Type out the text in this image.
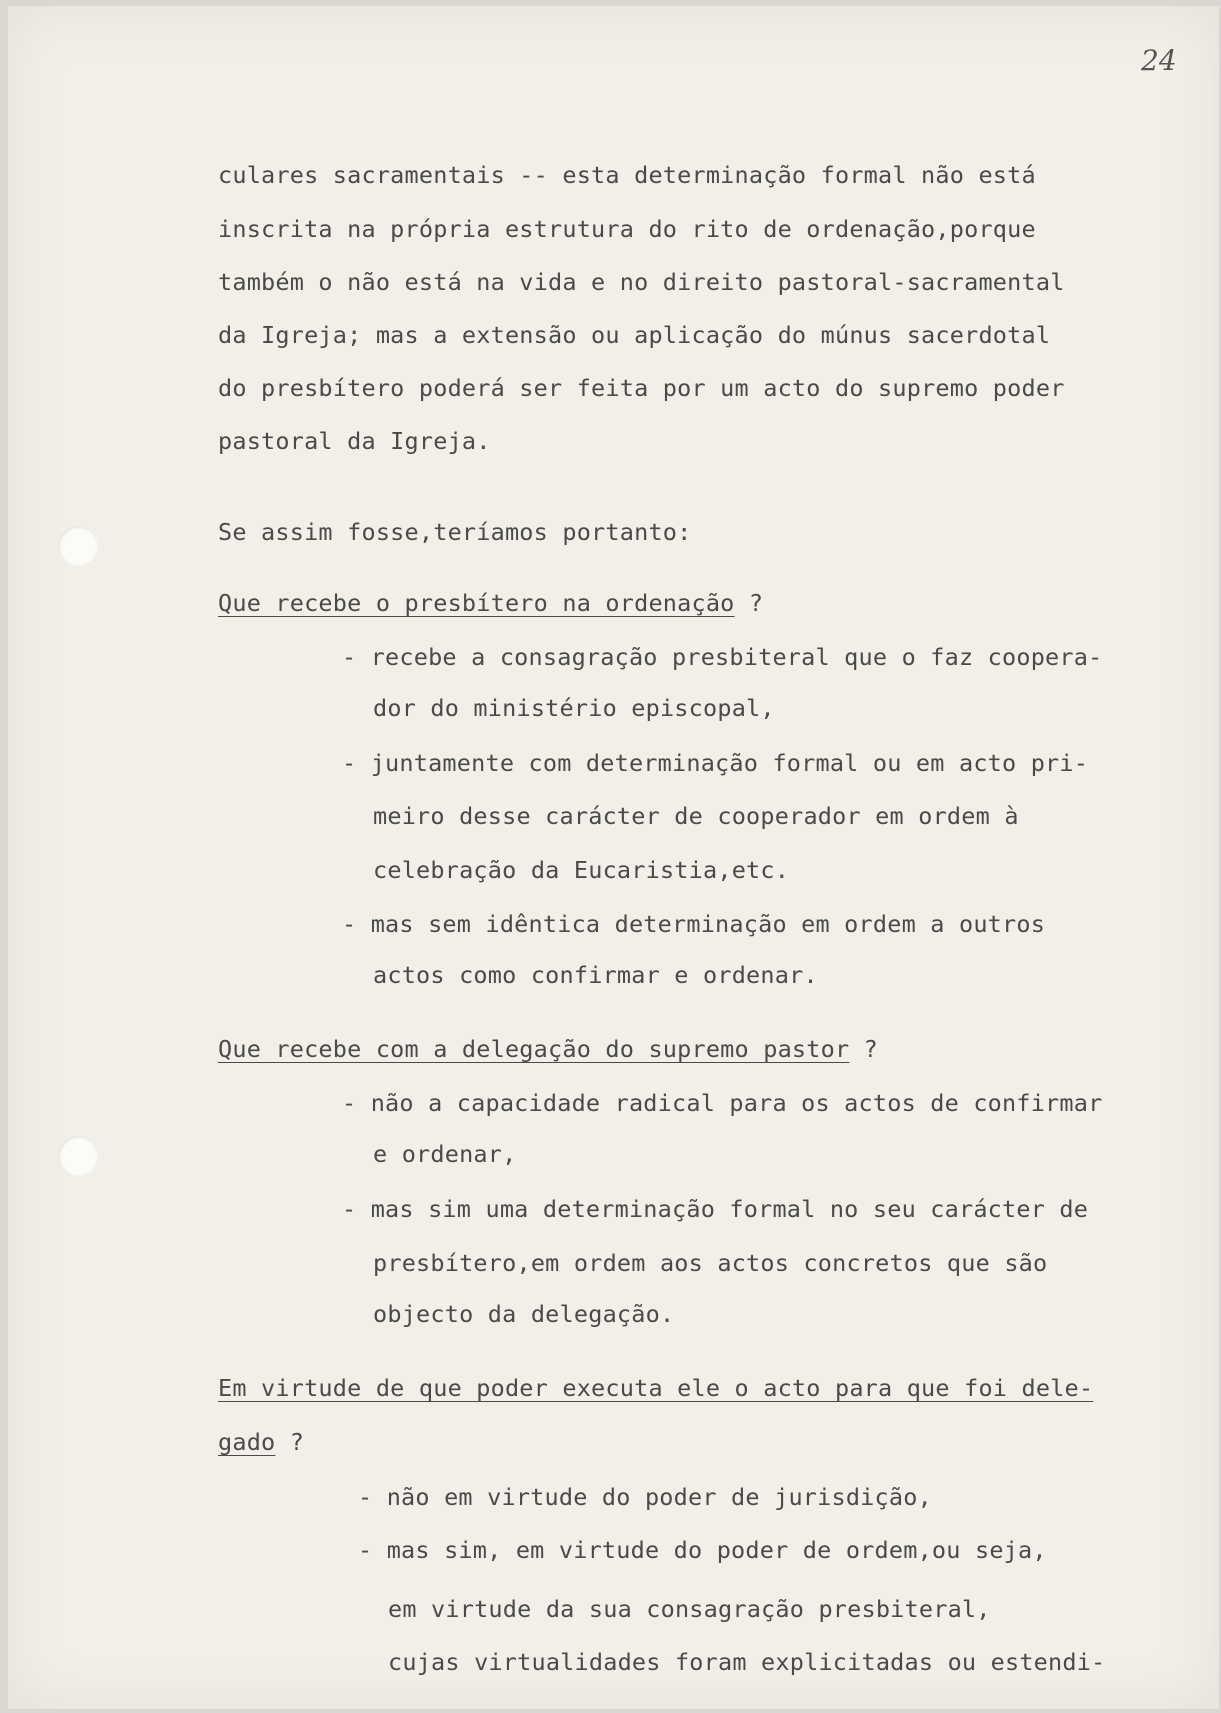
24
culares sacramentais -- esta determinação formal não está
inscrita na própria estrutura do rito de ordenação,porque
também o não está na vida e no direito pastoral-sacramental
da Igreja; mas a extensão ou aplicação do múnus sacerdotal
do presbítero poderá ser feita por um acto do supremo poder
pastoral da Igreja.
Se assim fosse,teríamos portanto:
Que recebe o presbítero na ordenação ?
- recebe a consagração presbiteral que o faz coopera-
dor do ministério episcopal,
- juntamente com determinação formal ou em acto pri-
meiro desse carácter de cooperador em ordem à
celebração da Eucaristia,etc.
- mas sem idêntica determinação em ordem a outros
actos como confirmar e ordenar.
Que recebe com a delegação do supremo pastor ?
- não a capacidade radical para os actos de confirmar
e ordenar,
- mas sim uma determinação formal no seu carácter de
presbítero,em ordem aos actos concretos que são
objecto da delegação.
Em virtude de que poder executa ele o acto para que foi dele-
gado ?
- não em virtude do poder de jurisdição,
- mas sim, em virtude do poder de ordem,ou seja,
em virtude da sua consagração presbiteral,
cujas virtualidades foram explicitadas ou estendi-
